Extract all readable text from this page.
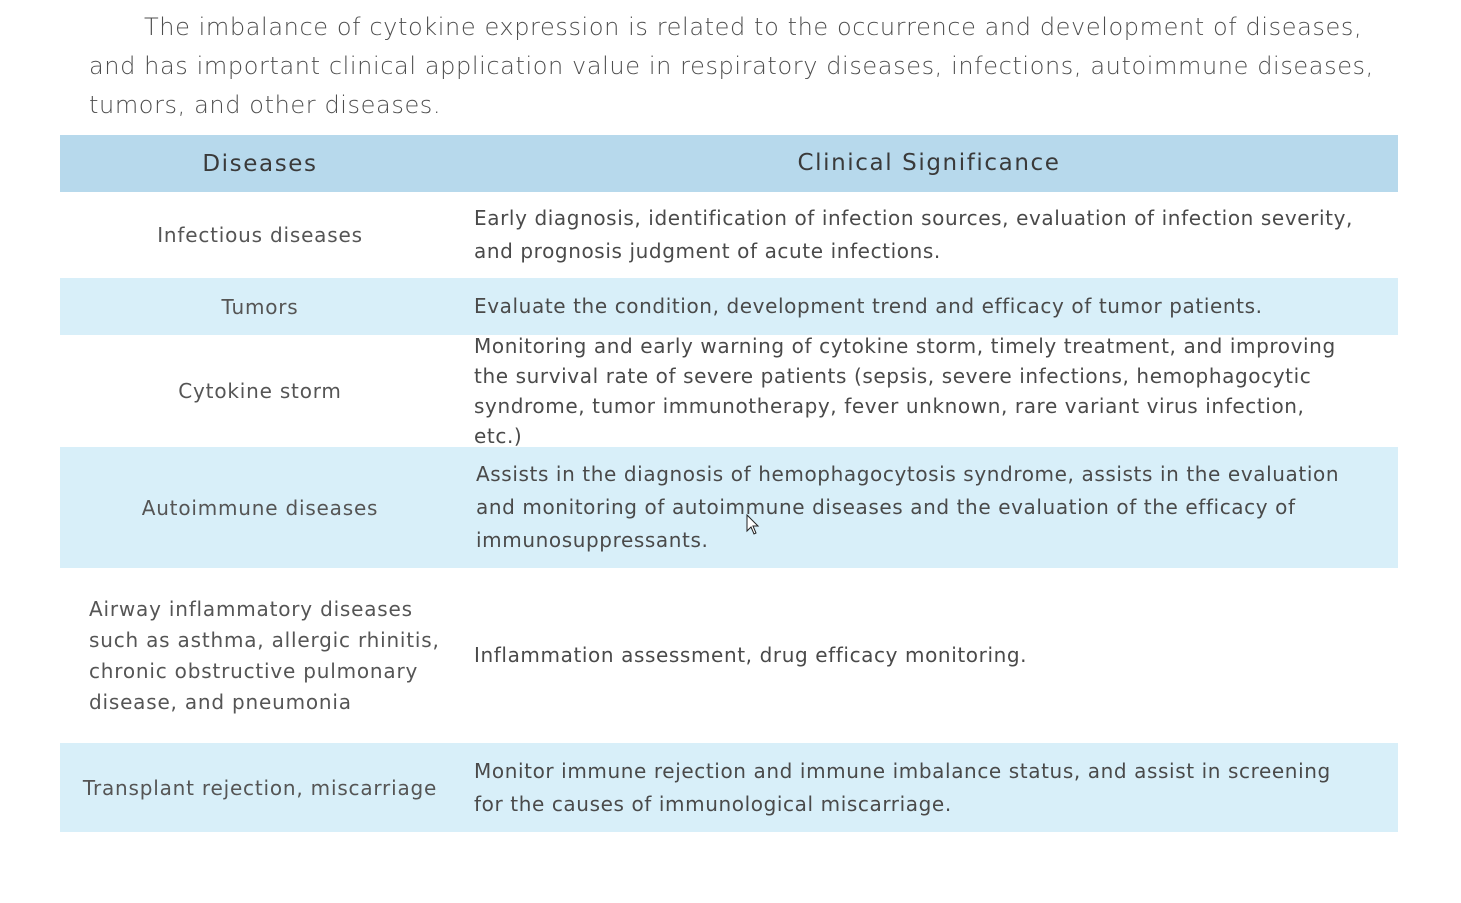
The imbalance of cytokine expression is related to the occurrence and development of diseases, and has important clinical application value in respiratory diseases, infections, autoimmune diseases, tumors, and other diseases.
Diseases	Clinical Significance
Infectious diseases
Early diagnosis, identification of infection sources, evaluation of infection severity, and prognosis judgment of acute infections.
Tumors	Evaluate the condition, development trend and efficacy of tumor patients.
Cytokine storm
Monitoring and early warning of cytokine storm, timely treatment, and improving the survival rate of severe patients (sepsis, severe infections, hemophagocytic syndrome, tumor immunotherapy, fever unknown, rare variant virus infection, etc.)
Autoimmune diseases
Assists in the diagnosis of hemophagocytosis syndrome, assists in the evaluation and monitoring of autoimmune diseases and the evaluation of the efficacy of immunosuppressants.
Airway inflammatory diseases such as asthma, allergic rhinitis, chronic obstructive pulmonary disease, and pneumonia
Inflammation assessment, drug efficacy monitoring.
Transplant rejection, miscarriage
Monitor immune rejection and immune imbalance status, and assist in screening for the causes of immunological miscarriage.
